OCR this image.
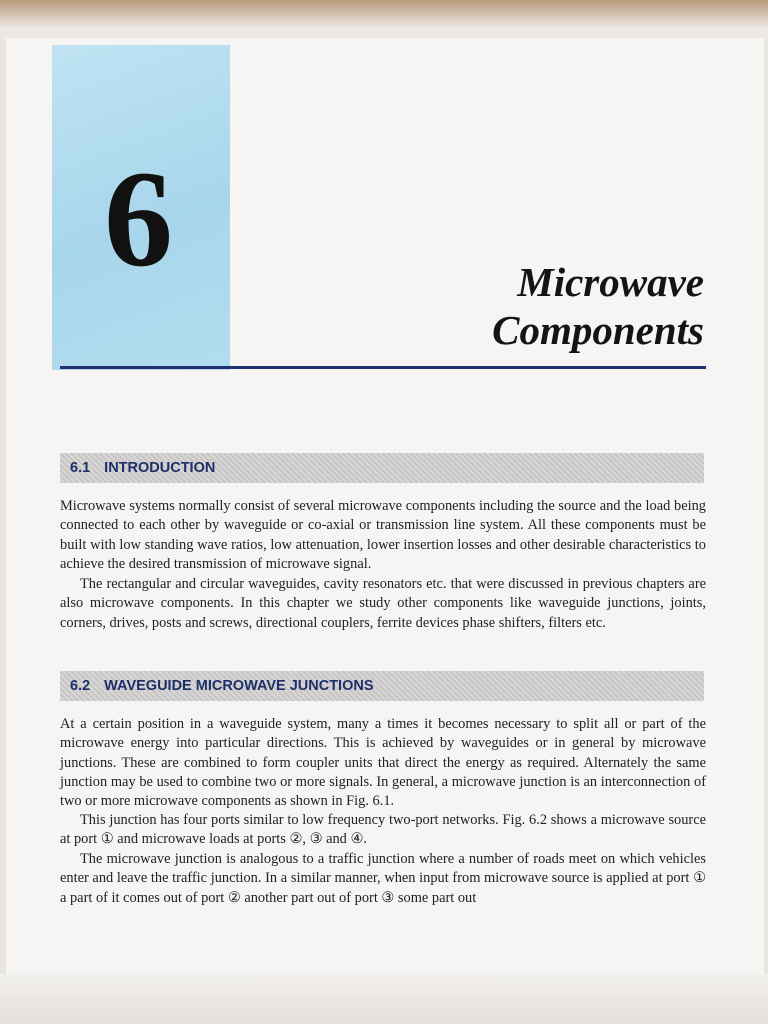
6	Microwave
Components
6.1 INTRODUCTION

Microwave systems normally consist of several microwave components including the source and the load being connected to each other by waveguide or co-axial or transmission line system. All these components must be built with low standing wave ratios, low attenuation, lower insertion losses and other desirable characteristics to achieve the desired transmission of microwave signal.

The rectangular and circular waveguides, cavity resonators etc. that were discussed in previous chapters are also microwave components. In this chapter we study other components like waveguide junctions, joints, corners, drives, posts and screws, directional couplers, ferrite devices phase shifters, filters etc.

6.2 WAVEGUIDE MICROWAVE JUNCTIONS

At a certain position in a waveguide system, many a times it becomes necessary to split all or part of the microwave energy into particular directions. This is achieved by waveguides or in general by microwave junctions. These are combined to form coupler units that direct the energy as required. Alternately the same junction may be used to combine two or more signals. In general, a microwave junction is an interconnection of two or more microwave components as shown in Fig. 6.1.

This junction has four ports similar to low frequency two-port networks. Fig. 6.2 shows a microwave source at port ① and microwave loads at ports ②, ③ and ④.

The microwave junction is analogous to a traffic junction where a number of roads meet on which vehicles enter and leave the traffic junction. In a similar manner, when input from microwave source is applied at port ① a part of it comes out of port ② another part out of port ③ some part out
